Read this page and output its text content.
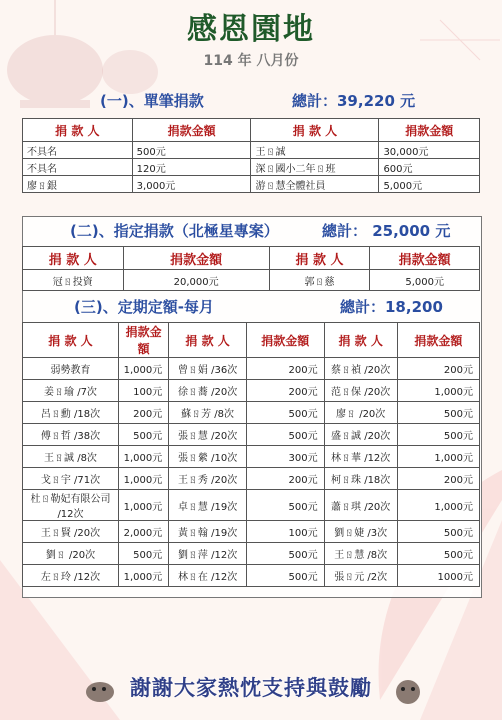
感恩園地
114 年 八月份
(一)、單筆捐款	總計：39,220 元
捐 款 人	捐款金額	捐 款 人	捐款金額
不具名	500元	王ㄖ誠	30,000元
不具名	120元	深ㄖ國小二年ㄖ班	600元
廖ㄖ銀	3,000元	游ㄖ慧全體社員	5,000元
(二)、指定捐款（北極星專案）	總計： 25,000 元
捐 款 人	捐款金額	捐 款 人	捐款金額
冠ㄖ投資	20,000元	郭ㄖ慈	5,000元
(三)、定期定額-每月	總計：18,200
捐 款 人	捐款金額	捐 款 人	捐款金額	捐 款 人	捐款金額
弱勢教育	1,000元	曾ㄖ娟 /36次	200元	蔡ㄖ禎 /20次	200元
姜ㄖ瑜 /7次	100元	徐ㄖ蕎 /20次	200元	范ㄖ保 /20次	1,000元
呂ㄖ勳 /18次	200元	蘇ㄖ芳 /8次	500元	廖ㄖ /20次	500元
傅ㄖ哲 /38次	500元	張ㄖ慧 /20次	500元	盛ㄖ誠 /20次	500元
王ㄖ誠 /8次	1,000元	張ㄖ縈 /10次	300元	林ㄖ華 /12次	1,000元
戈ㄖ宇 /71次	1,000元	王ㄖ秀 /20次	200元	柯ㄖ珠 /18次	200元
杜ㄖ勒妃有限公司 /12次	1,000元	卓ㄖ慧 /19次	500元	蕭ㄖ琪 /20次	1,000元
王ㄖ賢 /20次	2,000元	黃ㄖ翰 /19次	100元	劉ㄖ婕 /3次	500元
劉ㄖ /20次	500元	劉ㄖ萍 /12次	500元	王ㄖ慧 /8次	500元
左ㄖ玲 /12次	1,000元	林ㄖ在 /12次	500元	張ㄖ元 /2次	1000元
謝謝大家熱忱支持與鼓勵
